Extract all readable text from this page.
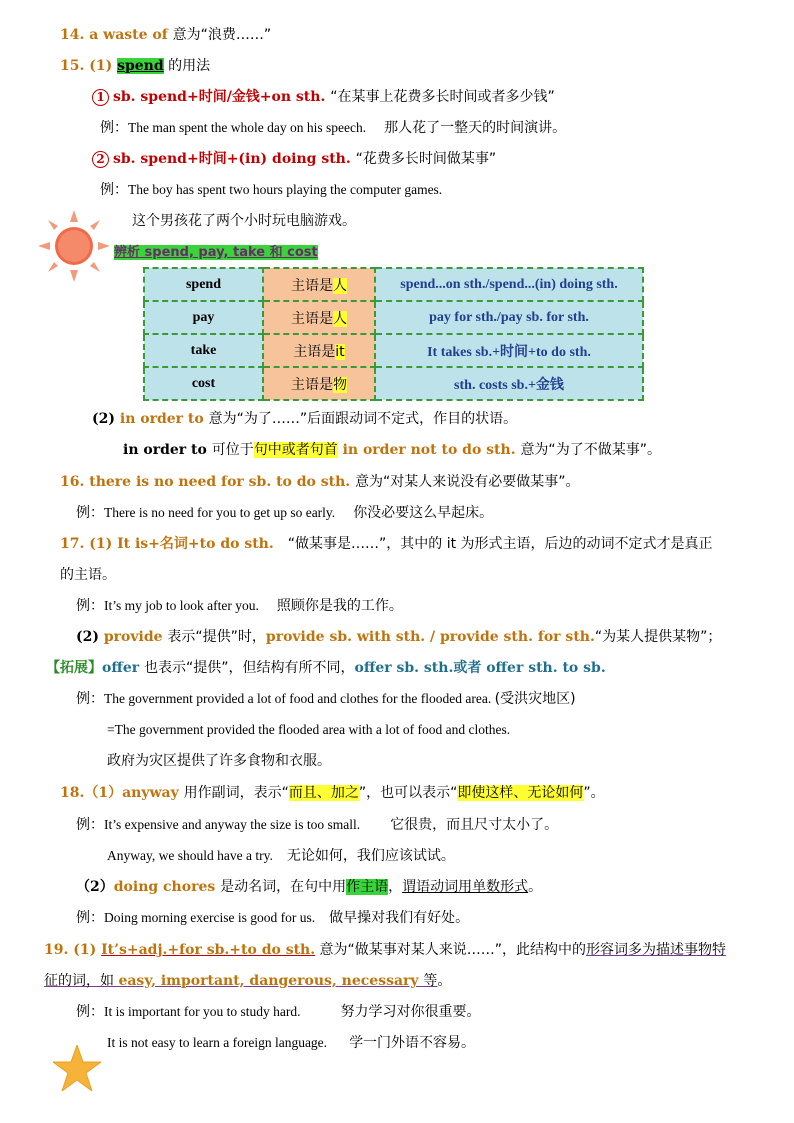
14. a waste of 意为“浪费……”
15. (1) spend 的用法
1 sb. spend+时间/金钱+on sth. “在某事上花费多长时间或者多少钱”
例：The man spent the whole day on his speech. 那人花了一整天的时间演讲。
2 sb. spend+时间+(in) doing sth. “花费多长时间做某事”
例：The boy has spent two hours playing the computer games.
这个男孩花了两个小时玩电脑游戏。
辨析 spend, pay, take 和 cost
spend	主语是人	spend...on sth./spend...(in) doing sth.
pay	主语是人	pay for sth./pay sb. for sth.
take	主语是it	It takes sb.+时间+to do sth.
cost	主语是物	sth. costs sb.+金钱
(2) in order to 意为“为了……”后面跟动词不定式，作目的状语。
in order to 可位于句中或者句首 in order not to do sth. 意为“为了不做某事”。
16. there is no need for sb. to do sth. 意为“对某人来说没有必要做某事”。
例：There is no need for you to get up so early. 你没必要这么早起床。
17. (1) It is+名词+to do sth. “做某事是……”，其中的 it 为形式主语，后边的动词不定式才是真正
的主语。
例：It’s my job to look after you. 照顾你是我的工作。
(2) provide 表示“提供”时，provide sb. with sth. / provide sth. for sth.“为某人提供某物”；
【拓展】offer 也表示“提供”，但结构有所不同，offer sb. sth.或者 offer sth. to sb.
例：The government provided a lot of food and clothes for the flooded area. (受洪灾地区)
=The government provided the flooded area with a lot of food and clothes.
政府为灾区提供了许多食物和衣服。
18.（1）anyway 用作副词，表示“而且、加之”，也可以表示“即使这样、无论如何”。
例：It’s expensive and anyway the size is too small. 它很贵，而且尺寸太小了。
Anyway, we should have a try. 无论如何，我们应该试试。
（2）doing chores 是动名词，在句中用作主语，谓语动词用单数形式。
例：Doing morning exercise is good for us. 做早操对我们有好处。
19. (1) It’s+adj.+for sb.+to do sth. 意为“做某事对某人来说……”，此结构中的形容词多为描述事物特
征的词，如 easy, important, dangerous, necessary 等。
例：It is important for you to study hard.	努力学习对你很重要。
It is not easy to learn a foreign language. 学一门外语不容易。
